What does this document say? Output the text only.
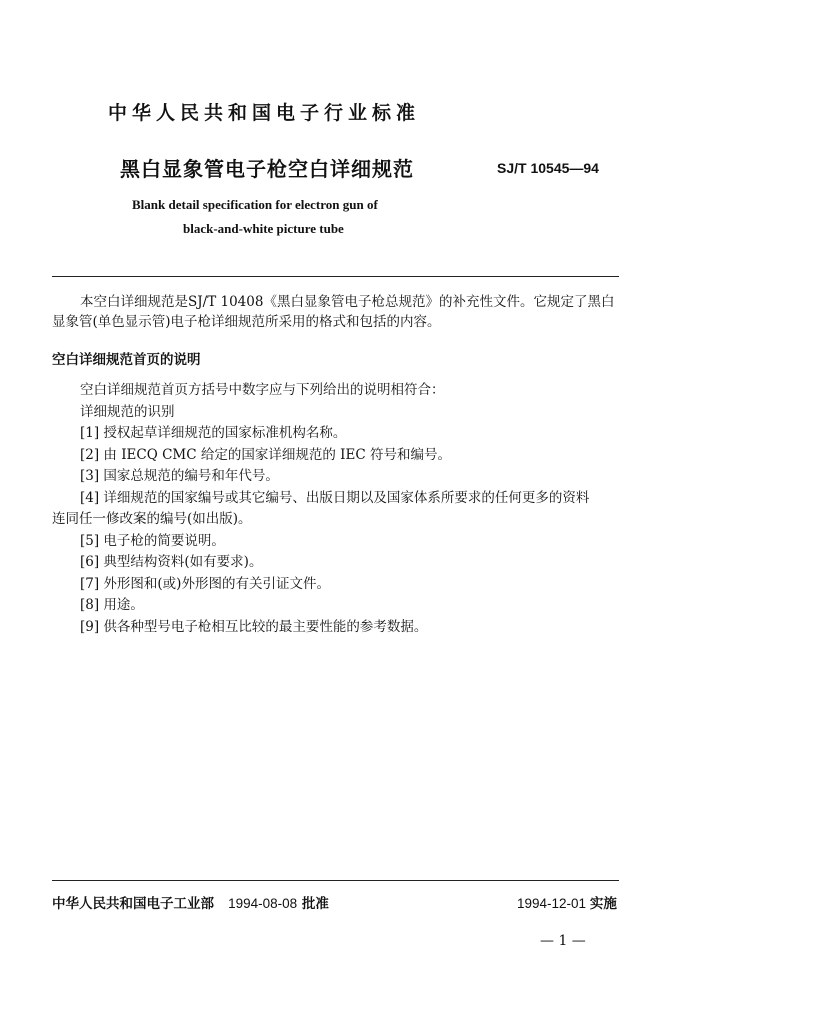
中华人民共和国电子行业标准
黑白显象管电子枪空白详细规范	SJ/T 10545—94
Blank detail specification for electron gun of
black-and-white picture tube
本空白详细规范是SJ/T 10408《黑白显象管电子枪总规范》的补充性文件。它规定了黑白显象管(单色显示管)电子枪详细规范所采用的格式和包括的内容。
空白详细规范首页的说明
空白详细规范首页方括号中数字应与下列给出的说明相符合：
详细规范的识别
[1] 授权起草详细规范的国家标准机构名称。
[2] 由 IECQ CMC 给定的国家详细规范的 IEC 符号和编号。
[3] 国家总规范的编号和年代号。
[4] 详细规范的国家编号或其它编号、出版日期以及国家体系所要求的任何更多的资料
连同任一修改案的编号(如出版)。
[5] 电子枪的简要说明。
[6] 典型结构资料(如有要求)。
[7] 外形图和(或)外形图的有关引证文件。
[8] 用途。
[9] 供各种型号电子枪相互比较的最主要性能的参考数据。
中华人民共和国电子工业部 1994-08-08 批准	1994-12-01 实施
— 1 —
